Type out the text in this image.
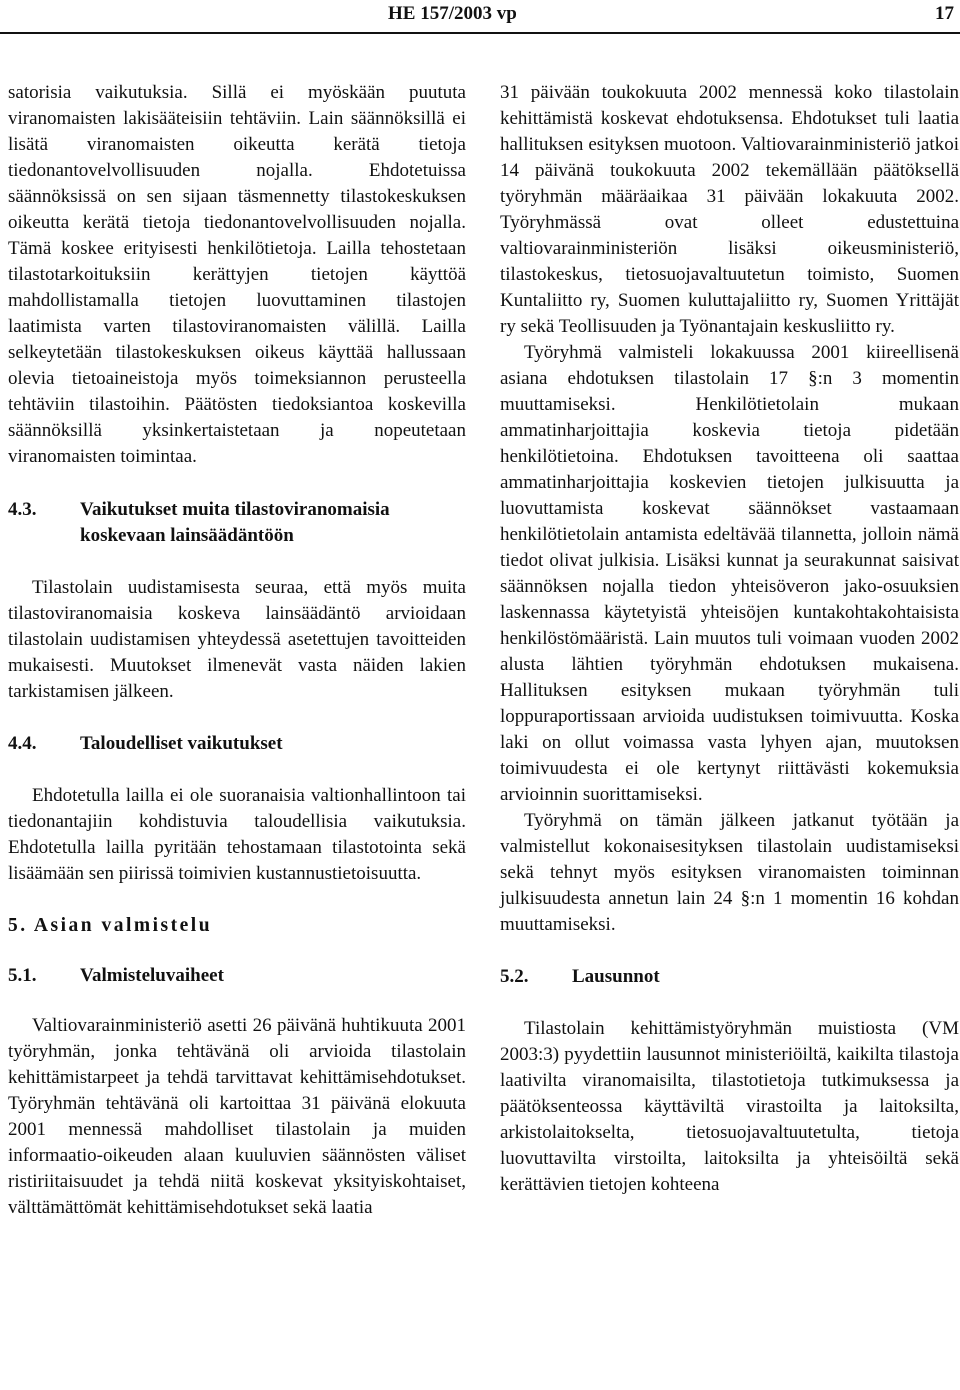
HE 157/2003 vp	17

satorisia vaikutuksia. Sillä ei myöskään puututa viranomaisten lakisääteisiin tehtäviin. Lain säännöksillä ei lisätä viranomaisten oikeutta kerätä tietoja tiedonantovelvollisuuden nojalla. Ehdotetuissa säännöksissä on sen sijaan täsmennetty tilastokeskuksen oikeutta kerätä tietoja tiedonantovelvollisuuden nojalla. Tämä koskee erityisesti henkilötietoja. Lailla tehostetaan tilastotarkoituksiin kerättyjen tietojen käyttöä mahdollistamalla tietojen luovuttaminen tilastojen laatimista varten tilastoviranomaisten välillä. Lailla selkeytetään tilastokeskuksen oikeus käyttää hallussaan olevia tietoaineistoja myös toimeksiannon perusteella tehtäviin tilastoihin. Päätösten tiedoksiantoa koskevilla säännöksillä yksinkertaistetaan ja nopeutetaan viranomaisten toimintaa.

4.3. Vaikutukset muita tilastoviranomaisia koskevaan lainsäädäntöön

Tilastolain uudistamisesta seuraa, että myös muita tilastoviranomaisia koskeva lainsäädäntö arvioidaan tilastolain uudistamisen yhteydessä asetettujen tavoitteiden mukaisesti. Muutokset ilmenevät vasta näiden lakien tarkistamisen jälkeen.

4.4. Taloudelliset vaikutukset

Ehdotetulla lailla ei ole suoranaisia valtionhallintoon tai tiedonantajiin kohdistuvia taloudellisia vaikutuksia. Ehdotetulla lailla pyritään tehostamaan tilastotointa sekä lisäämään sen piirissä toimivien kustannustietoisuutta.

5. Asian valmistelu
5.1. Valmisteluvaiheet

Valtiovarainministeriö asetti 26 päivänä huhtikuuta 2001 työryhmän, jonka tehtävänä oli arvioida tilastolain kehittämistarpeet ja tehdä tarvittavat kehittämisehdotukset. Työryhmän tehtävänä oli kartoittaa 31 päivänä elokuuta 2001 mennessä mahdolliset tilastolain ja muiden informaatio-oikeuden alaan kuuluvien säännösten väliset ristiriitaisuudet ja tehdä niitä koskevat yksityiskohtaiset, välttämättömät kehittämisehdotukset sekä laatia

31 päivään toukokuuta 2002 mennessä koko tilastolain kehittämistä koskevat ehdotuksensa. Ehdotukset tuli laatia hallituksen esityksen muotoon. Valtiovarainministeriö jatkoi 14 päivänä toukokuuta 2002 tekemällään päätöksellä työryhmän määräaikaa 31 päivään lokakuuta 2002. Työryhmässä ovat olleet edustettuina valtiovarainministeriön lisäksi oikeusministeriö, tilastokeskus, tietosuojavaltuutetun toimisto, Suomen Kuntaliitto ry, Suomen kuluttajaliitto ry, Suomen Yrittäjät ry sekä Teollisuuden ja Työnantajain keskusliitto ry.

Työryhmä valmisteli lokakuussa 2001 kiireellisenä asiana ehdotuksen tilastolain 17 §:n 3 momentin muuttamiseksi. Henkilötietolain mukaan ammatinharjoittajia koskevia tietoja pidetään henkilötietoina. Ehdotuksen tavoitteena oli saattaa ammatinharjoittajia koskevien tietojen julkisuutta ja luovuttamista koskevat säännökset vastaamaan henkilötietolain antamista edeltävää tilannetta, jolloin nämä tiedot olivat julkisia. Lisäksi kunnat ja seurakunnat saisivat säännöksen nojalla tiedon yhteisöveron jako-osuuksien laskennassa käytetyistä yhteisöjen kuntakohtakohtaisista henkilöstömääristä. Lain muutos tuli voimaan vuoden 2002 alusta lähtien työryhmän ehdotuksen mukaisena. Hallituksen esityksen mukaan työryhmän tuli loppuraportissaan arvioida uudistuksen toimivuutta. Koska laki on ollut voimassa vasta lyhyen ajan, muutoksen toimivuudesta ei ole kertynyt riittävästi kokemuksia arvioinnin suorittamiseksi.

Työryhmä on tämän jälkeen jatkanut työtään ja valmistellut kokonaisesityksen tilastolain uudistamiseksi sekä tehnyt myös esityksen viranomaisten toiminnan julkisuudesta annetun lain 24 §:n 1 momentin 16 kohdan muuttamiseksi.

5.2. Lausunnot

Tilastolain kehittämistyöryhmän muistiosta (VM 2003:3) pyydettiin lausunnot ministeriöiltä, kaikilta tilastoja laativilta viranomaisilta, tilastotietoja tutkimuksessa ja päätöksenteossa käyttäviltä virastoilta ja laitoksilta, arkistolaitokselta, tietosuojavaltuutetulta, tietoja luovuttavilta virstoilta, laitoksilta ja yhteisöiltä sekä kerättävien tietojen kohteena
